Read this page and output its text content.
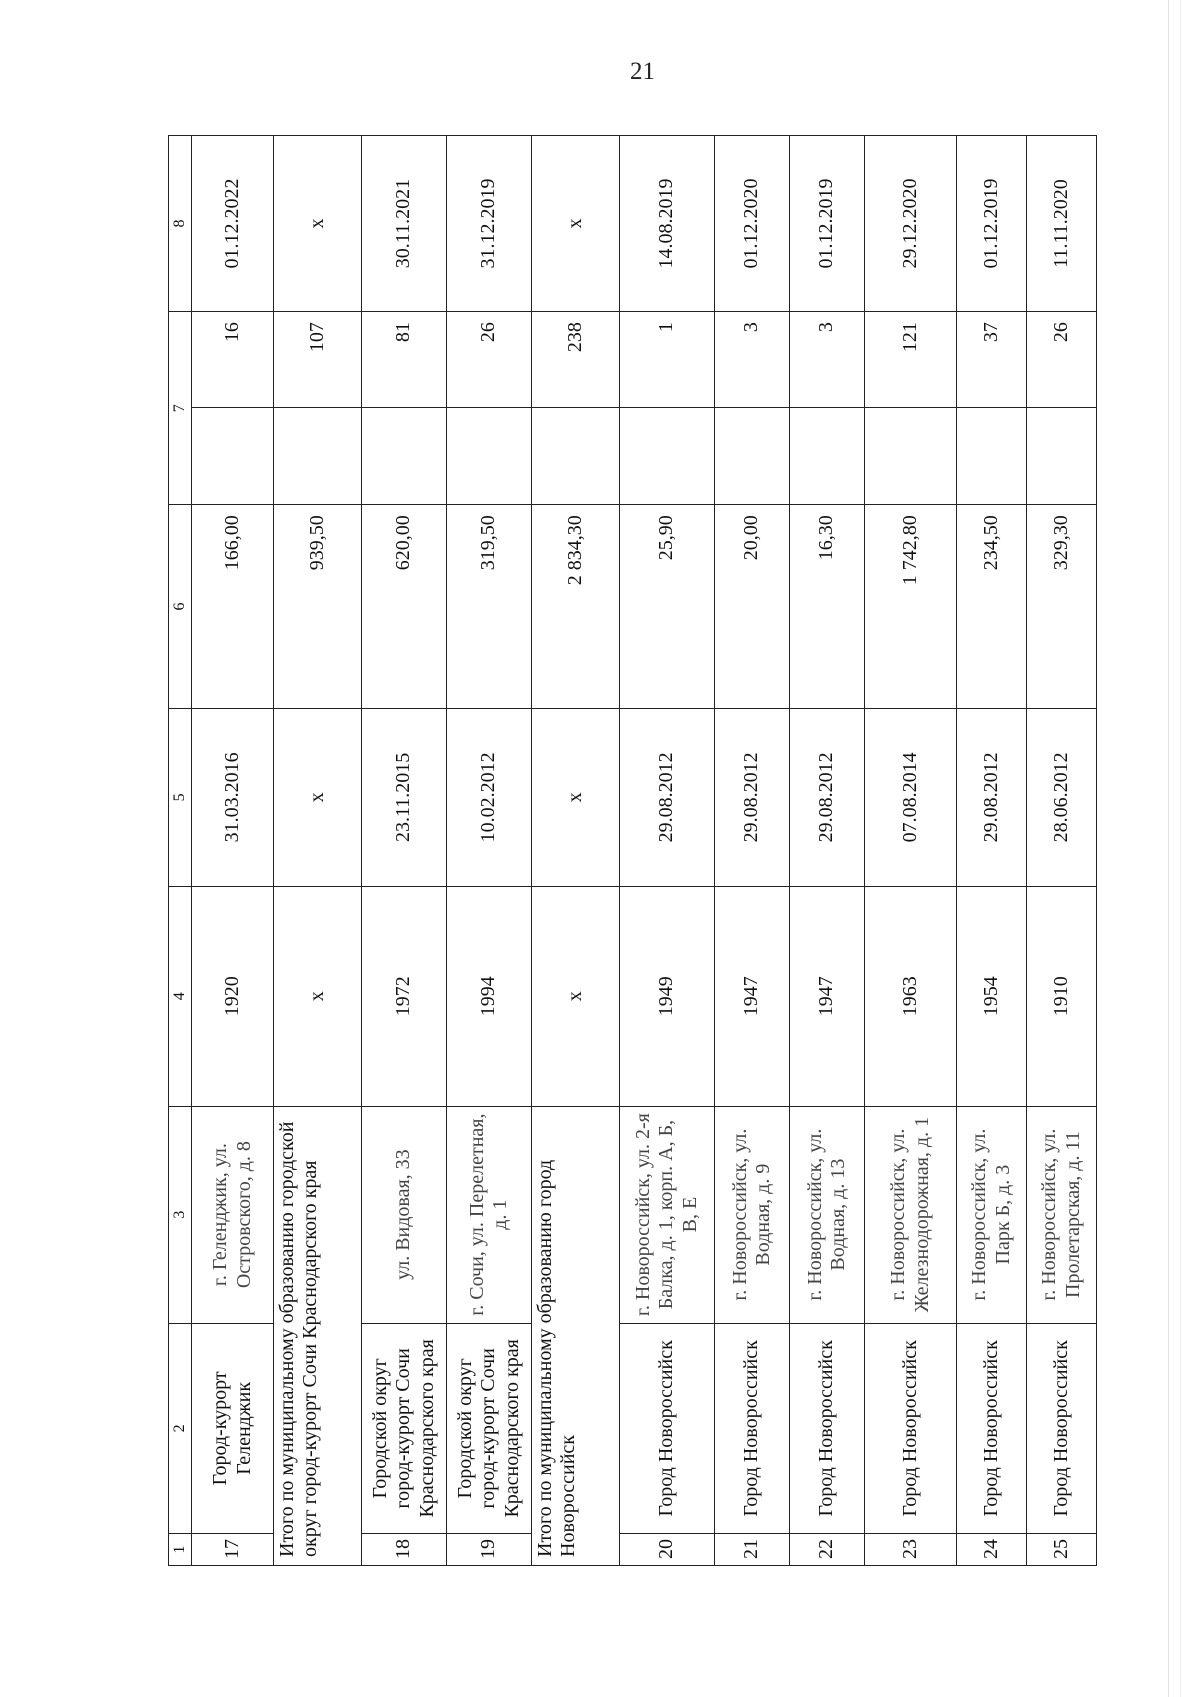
21
1	2	3	4	5	6	7		8
17	Город-курорт Геленджик	г. Геленджик, ул. Островского, д. 8	1920	31.03.2016	166,00		16	01.12.2022
Итого по муниципальному образованию городской округ город-курорт Сочи Краснодарского края			х	х	939,50		107	х
18	Городской округ город-курорт Сочи Краснодарского края	ул. Видовая, 33	1972	23.11.2015	620,00		81	30.11.2021
19	Городской округ город-курорт Сочи Краснодарского края	г. Сочи, ул. Перелетная, д. 1	1994	10.02.2012	319,50		26	31.12.2019
Итого по муниципальному образованию город Новороссийск			х	х	2 834,30		238	х
20	Город Новороссийск	г. Новороссийск, ул. 2-я Балка, д. 1, корп. А, Б, В, Е	1949	29.08.2012	25,90		1	14.08.2019
21	Город Новороссийск	г. Новороссийск, ул. Водная, д. 9	1947	29.08.2012	20,00		3	01.12.2020
22	Город Новороссийск	г. Новороссийск, ул. Водная, д. 13	1947	29.08.2012	16,30		3	01.12.2019
23	Город Новороссийск	г. Новороссийск, ул. Железнодорожная, д. 1	1963	07.08.2014	1 742,80		121	29.12.2020
24	Город Новороссийск	г. Новороссийск, ул. Парк Б, д. 3	1954	29.08.2012	234,50		37	01.12.2019
25	Город Новороссийск	г. Новороссийск, ул. Пролетарская, д. 11	1910	28.06.2012	329,30		26	11.11.2020
